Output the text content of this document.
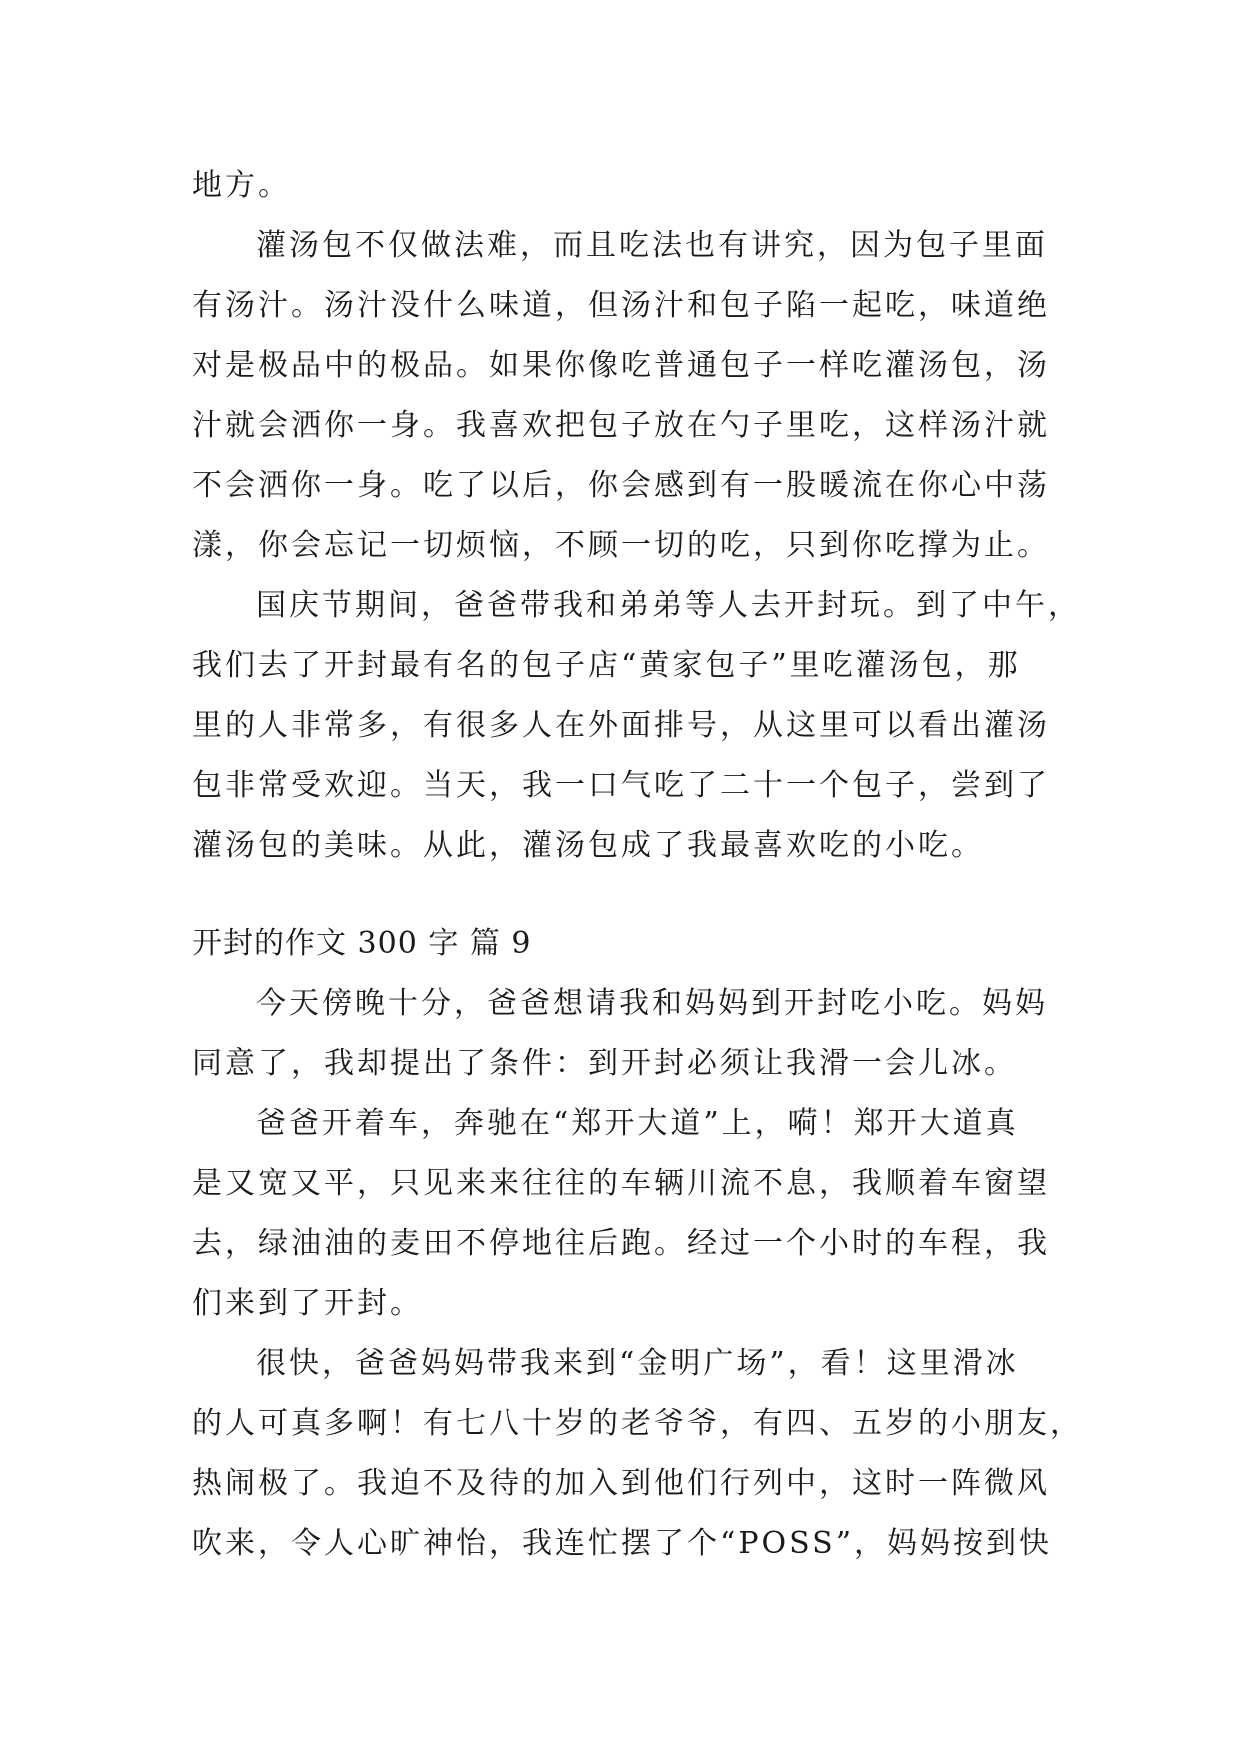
地方。
灌汤包不仅做法难，而且吃法也有讲究，因为包子里面
有汤汁。汤汁没什么味道，但汤汁和包子陷一起吃，味道绝
对是极品中的极品。如果你像吃普通包子一样吃灌汤包，汤
汁就会洒你一身。我喜欢把包子放在勺子里吃，这样汤汁就
不会洒你一身。吃了以后，你会感到有一股暖流在你心中荡
漾，你会忘记一切烦恼，不顾一切的吃，只到你吃撑为止。
国庆节期间，爸爸带我和弟弟等人去开封玩。到了中午，
我们去了开封最有名的包子店“黄家包子”里吃灌汤包，那
里的人非常多，有很多人在外面排号，从这里可以看出灌汤
包非常受欢迎。当天，我一口气吃了二十一个包子，尝到了
灌汤包的美味。从此，灌汤包成了我最喜欢吃的小吃。
开封的作文 300 字 篇 9
今天傍晚十分，爸爸想请我和妈妈到开封吃小吃。妈妈
同意了，我却提出了条件：到开封必须让我滑一会儿冰。
爸爸开着车，奔驰在“郑开大道”上，嗬！郑开大道真
是又宽又平，只见来来往往的车辆川流不息，我顺着车窗望
去，绿油油的麦田不停地往后跑。经过一个小时的车程，我
们来到了开封。
很快，爸爸妈妈带我来到“金明广场”，看！这里滑冰
的人可真多啊！有七八十岁的老爷爷，有四、五岁的小朋友，
热闹极了。我迫不及待的加入到他们行列中，这时一阵微风
吹来，令人心旷神怡，我连忙摆了个“POSS”，妈妈按到快
